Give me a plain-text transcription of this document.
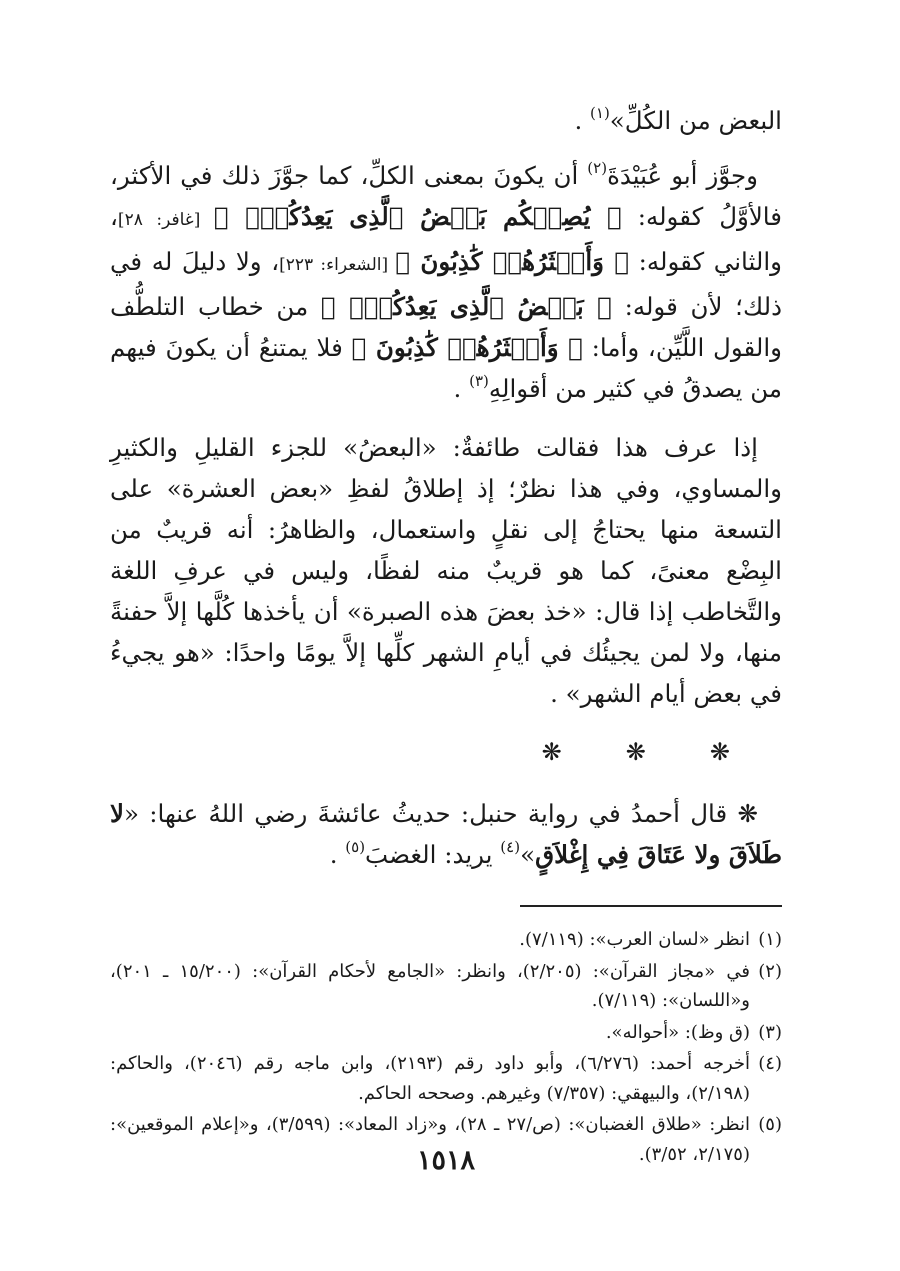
البعض من الكُلِّ»$^{(١)}$ .

وجوَّز أبو عُبَيْدَةَ$^{(٢)}$ أن يكونَ بمعنى الكلِّ، كما جوَّزَ ذلك في الأكثر، فالأوَّلُ كقوله: ﴿ يُصِبۡكُم بَعۡضُ ٱلَّذِى يَعِدُكُمۡۖ ﴾ [غافر: ٢٨]، والثاني كقوله: ﴿ وَأَكۡثَرُهُمۡ كَٰذِبُونَ ﴾ [الشعراء: ٢٢٣]، ولا دليلَ له في ذلك؛ لأن قوله: ﴿ بَعۡضُ ٱلَّذِى يَعِدُكُمۡۖ ﴾ من خطاب التلطُّف والقول اللَّيِّن، وأما: ﴿ وَأَكۡثَرُهُمۡ كَٰذِبُونَ ﴾ فلا يمتنعُ أن يكونَ فيهم من يصدقُ في كثير من أقوالِهِ$^{(٣)}$ .

إذا عرف هذا فقالت طائفةٌ: «البعضُ» للجزء القليلِ والكثيرِ والمساوي، وفي هذا نظرٌ؛ إذ إطلاقُ لفظِ «بعض العشرة» على التسعة منها يحتاجُ إلى نقلٍ واستعمال، والظاهرُ: أنه قريبٌ من البِضْع معنىً، كما هو قريبٌ منه لفظًا، وليس في عرفِ اللغة والتَّخاطب إذا قال: «خذ بعضَ هذه الصبرة» أن يأخذها كُلَّها إلاَّ حفنةً منها، ولا لمن يجيئُك في أيامِ الشهر كلِّها إلاَّ يومًا واحدًا: «هو يجيءُ في بعض أيام الشهر» .

❋ ❋ ❋

❋ قال أحمدُ في رواية حنبل: حديثُ عائشةَ رضي اللهُ عنها: «لا طَلاَقَ ولا عَتَاقَ فِي إِغْلاَقٍ»$^{(٤)}$ يريد: الغضبَ$^{(٥)}$ .

(١)
انظر «لسان العرب»: (٧/١١٩).
(٢)
في «مجاز القرآن»: (٢/٢٠٥)، وانظر: «الجامع لأحكام القرآن»: (١٥/٢٠٠ ـ ٢٠١)، و«اللسان»: (٧/١١٩).
(٣)
(ق وظ): «أحواله».
(٤)
أخرجه أحمد: (٦/٢٧٦)، وأبو داود رقم (٢١٩٣)، وابن ماجه رقم (٢٠٤٦)، والحاكم: (٢/١٩٨)، والبيهقي: (٧/٣٥٧) وغيرهم. وصححه الحاكم.
(٥)
انظر: «طلاق الغضبان»: (ص/٢٧ ـ ٢٨)، و«زاد المعاد»: (٣/٥٩٩)، و«إعلام الموقعين»: (٢/١٧٥، ٣/٥٢).
١٥١٨
